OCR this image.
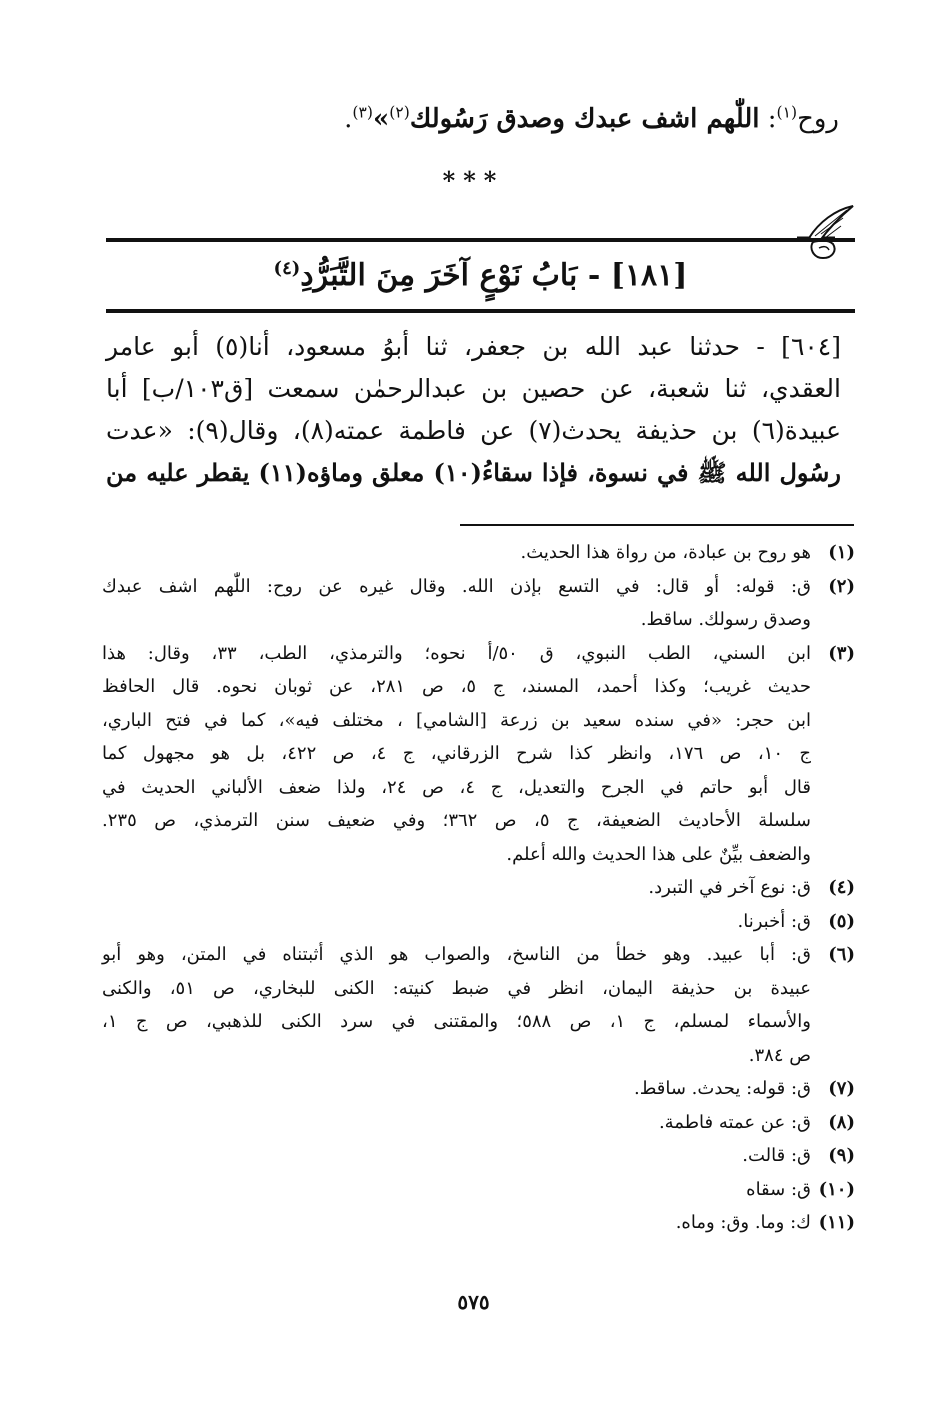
روح$^{(١)}$: اللّٰهم اشف عبدك وصدق رَسُولك$^{(٢)}$»$^{(٣)}$.
***
[١٨١] - بَابُ نَوْعٍ آخَرَ مِنَ التَّبَرُّدِ$^{(٤)}$
[٦٠٤] - حدثنا عبد الله بن جعفر، ثنا أبوُ مسعود، أنا(٥) أبو عامر
العقدي، ثنا شعبة، عن حصين بن عبدالرحمٰن سمعت [ق١٠٣/ب] أبا
عبيدة(٦) بن حذيفة يحدث(٧) عن فاطمة عمته(٨)، وقال(٩): «عدت
رسُول الله ﷺ في نسوة، فإذا سقاءُ(١٠) معلق وماؤه(١١) يقطر عليه من
(١)
هو روح بن عبادة، من رواة هذا الحديث.
(٢)
ق: قوله: أو قال: في التسع بإذن الله. وقال غيره عن روح: اللّٰهم اشف عبدك
وصدق رسولك. ساقط.
(٣)
ابن السني، الطب النبوي، ق ٥٠/أ نحوه؛ والترمذي، الطب، ٣٣، وقال: هذا
حديث غريب؛ وكذا أحمد، المسند، ج ٥، ص ٢٨١، عن ثوبان نحوه. قال الحافظ
ابن حجر: «في سنده سعيد بن زرعة [الشامي] ، مختلف فيه»، كما في فتح الباري،
ج ١٠، ص ١٧٦، وانظر كذا شرح الزرقاني، ج ٤، ص ٤٢٢، بل هو مجهول كما
قال أبو حاتم في الجرح والتعديل، ج ٤، ص ٢٤، ولذا ضعف الألباني الحديث في
سلسلة الأحاديث الضعيفة، ج ٥، ص ٣٦٢؛ وفي ضعيف سنن الترمذي، ص ٢٣٥.
والضعف بيِّنٌ على هذا الحديث والله أعلم.
(٤)
ق: نوع آخر في التبرد.
(٥)
ق: أخبرنا.
(٦)
ق: أبا عبيد. وهو خطأ من الناسخ، والصواب هو الذي أثبتناه في المتن، وهو أبو
عبيدة بن حذيفة اليمان، انظر في ضبط كنيته: الكنى للبخاري، ص ٥١، والكنى
والأسماء لمسلم، ج ١، ص ٥٨٨؛ والمقتنى في سرد الكنى للذهبي، ص ج ١،
ص ٣٨٤.
(٧)
ق: قوله: يحدث. ساقط.
(٨)
ق: عن عمته فاطمة.
(٩)
ق: قالت.
(١٠)
ق: سقاه
(١١)
ك: وما. وق: وماه.
٥٧٥
